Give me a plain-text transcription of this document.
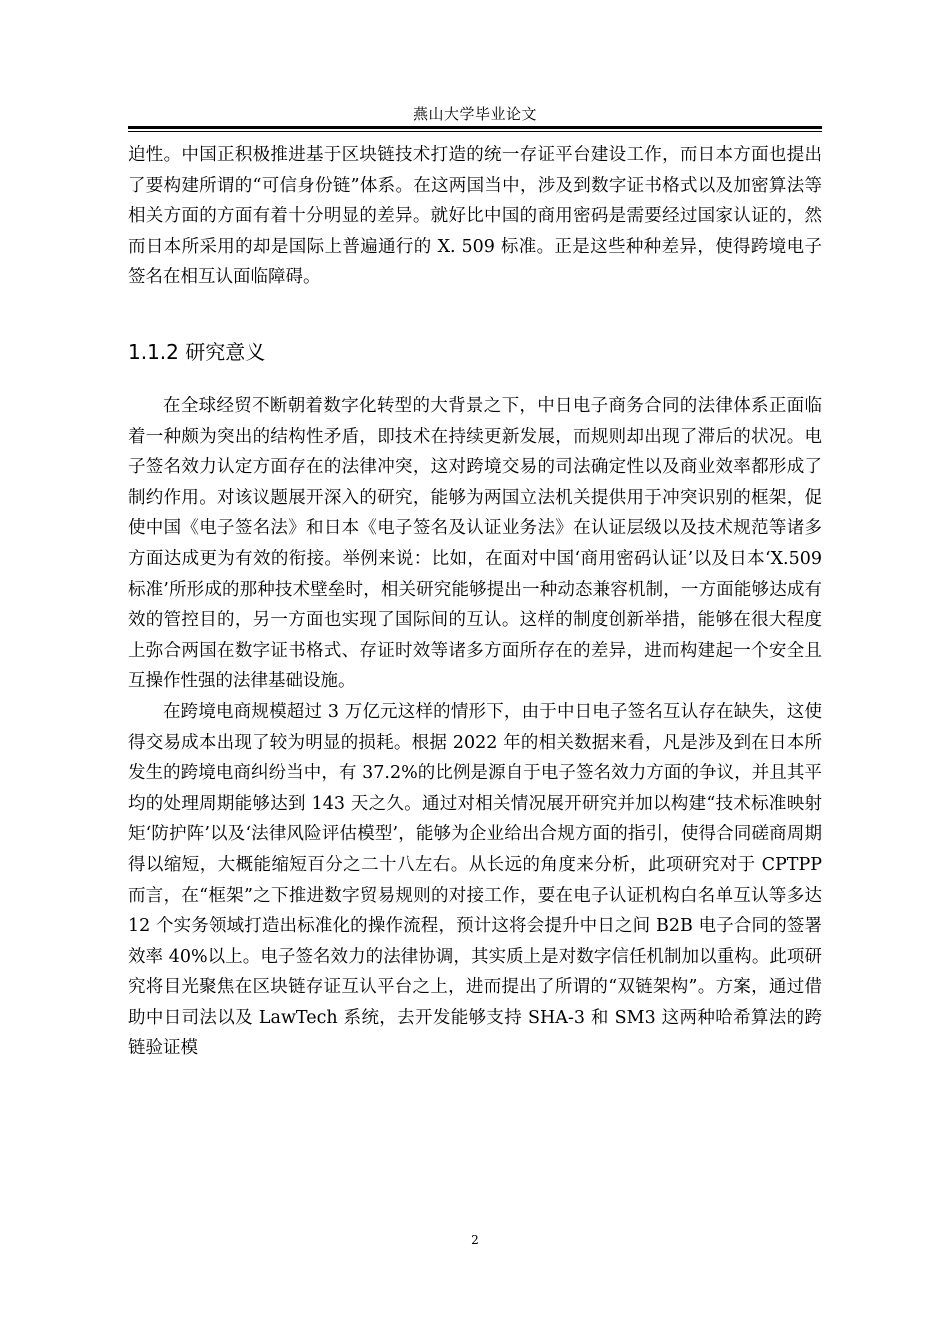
燕山大学毕业论文

迫性。中国正积极推进基于区块链技术打造的统一存证平台建设工作，而日本方面也提出了要构建所谓的“可信身份链”体系。在这两国当中，涉及到数字证书格式以及加密算法等相关方面的方面有着十分明显的差异。就好比中国的商用密码是需要经过国家认证的，然而日本所采用的却是国际上普遍通行的 X. 509 标准。正是这些种种差异，使得跨境电子签名在相互认面临障碍。

1.1.2 研究意义

在全球经贸不断朝着数字化转型的大背景之下，中日电子商务合同的法律体系正面临着一种颇为突出的结构性矛盾，即技术在持续更新发展，而规则却出现了滞后的状况。电子签名效力认定方面存在的法律冲突，这对跨境交易的司法确定性以及商业效率都形成了制约作用。对该议题展开深入的研究，能够为两国立法机关提供用于冲突识别的框架，促使中国《电子签名法》和日本《电子签名及认证业务法》在认证层级以及技术规范等诸多方面达成更为有效的衔接。举例来说：比如，在面对中国‘商用密码认证’以及日本‘X.509 标准’所形成的那种技术壁垒时，相关研究能够提出一种动态兼容机制，一方面能够达成有效的管控目的，另一方面也实现了国际间的互认。这样的制度创新举措，能够在很大程度上弥合两国在数字证书格式、存证时效等诸多方面所存在的差异，进而构建起一个安全且互操作性强的法律基础设施。

在跨境电商规模超过 3 万亿元这样的情形下，由于中日电子签名互认存在缺失，这使得交易成本出现了较为明显的损耗。根据 2022 年的相关数据来看，凡是涉及到在日本所发生的跨境电商纠纷当中，有 37.2%的比例是源自于电子签名效力方面的争议，并且其平均的处理周期能够达到 143 天之久。通过对相关情况展开研究并加以构建“技术标准映射矩‘防护阵’以及‘法律风险评估模型’，能够为企业给出合规方面的指引，使得合同磋商周期得以缩短，大概能缩短百分之二十八左右。从长远的角度来分析，此项研究对于 CPTPP 而言，在“框架”之下推进数字贸易规则的对接工作，要在电子认证机构白名单互认等多达 12 个实务领域打造出标准化的操作流程，预计这将会提升中日之间 B2B 电子合同的签署效率 40%以上。电子签名效力的法律协调，其实质上是对数字信任机制加以重构。此项研究将目光聚焦在区块链存证互认平台之上，进而提出了所谓的“双链架构”。方案，通过借助中日司法以及 LawTech 系统，去开发能够支持 SHA-3 和 SM3 这两种哈希算法的跨链验证模

2
